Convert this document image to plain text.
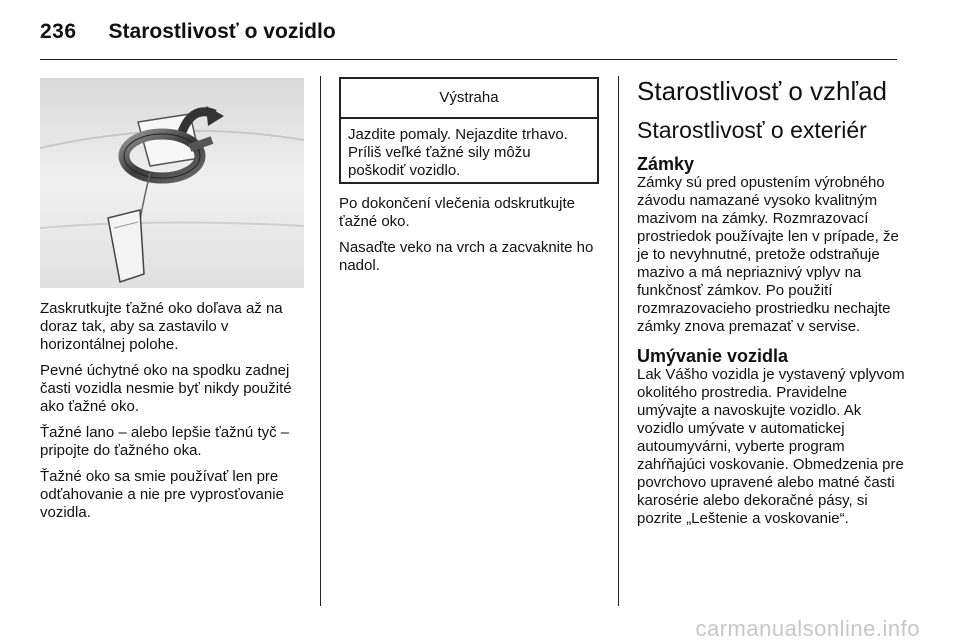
236 Starostlivosť o vozidlo

Zaskrutkujte ťažné oko doľava až na doraz tak, aby sa zastavilo v horizontálnej polohe.

Pevné úchytné oko na spodku zadnej časti vozidla nesmie byť nikdy použité ako ťažné oko.

Ťažné lano – alebo lepšie ťažnú tyč – pripojte do ťažného oka.

Ťažné oko sa smie používať len pre odťahovanie a nie pre vyprosťovanie vozidla.

Výstraha
Jazdite pomaly. Nejazdite trhavo. Príliš veľké ťažné sily môžu poškodiť vozidlo.

Po dokončení vlečenia odskrutkujte ťažné oko.

Nasaďte veko na vrch a zacvaknite ho nadol.

Starostlivosť o vzhľad
Starostlivosť o exteriér
Zámky

Zámky sú pred opustením výrobného závodu namazané vysoko kvalitným mazivom na zámky. Rozmrazovací prostriedok používajte len v prípade, že je to nevyhnutné, pretože odstraňuje mazivo a má nepriaznivý vplyv na funkčnosť zámkov. Po použití rozmrazovacieho prostriedku nechajte zámky znova premazať v servise.

Umývanie vozidla

Lak Vášho vozidla je vystavený vplyvom okolitého prostredia. Pravidelne umývajte a navoskujte vozidlo. Ak vozidlo umývate v automatickej autoumyvárni, vyberte program zahŕňajúci voskovanie. Obmedzenia pre povrchovo upravené alebo matné časti karosérie alebo dekoračné pásy, si pozrite „Leštenie a voskovanie“.

carmanualsonline.info
